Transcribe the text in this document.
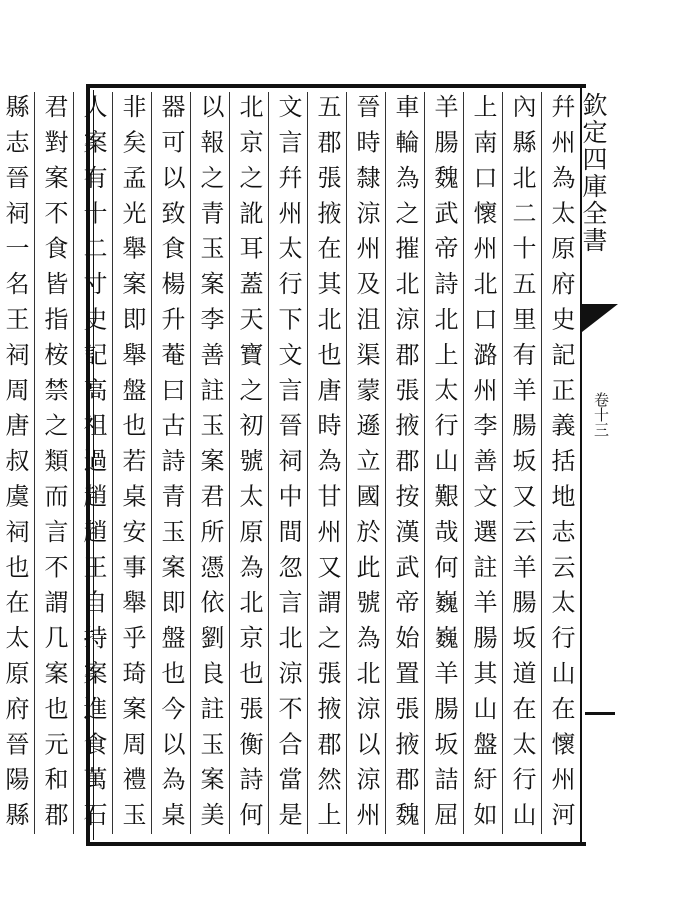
欽定四庫全書
卷十三
幷州為太原府史記正義括地志云太行山在懷州河
內縣北二十五里有羊腸坂又云羊腸坂道在太行山
上南口懷州北口潞州李善文選註羊腸其山盤紆如
羊腸魏武帝詩北上太行山艱哉何巍巍羊腸坂詰屈
車輪為之摧北涼郡張掖郡按漢武帝始置張掖郡魏
晉時隸涼州及沮渠蒙遜立國於此號為北涼以涼州
五郡張掖在其北也唐時為甘州又謂之張掖郡然上
文言幷州太行下文言晉祠中間忽言北涼不合當是
北京之訛耳蓋天寶之初號太原為北京也張衡詩何
以報之青玉案李善註玉案君所憑依劉良註玉案美
器可以致食楊升菴曰古詩青玉案即盤也今以為桌
非矣孟光舉案即舉盤也若桌安事舉乎琦案周禮玉
人案有十二寸史記高祖過趙趙王自持案進食萬石
君對案不食皆指桉禁之類而言不謂几案也元和郡
縣志晉祠一名王祠周唐叔虞祠也在太原府晉陽縣
